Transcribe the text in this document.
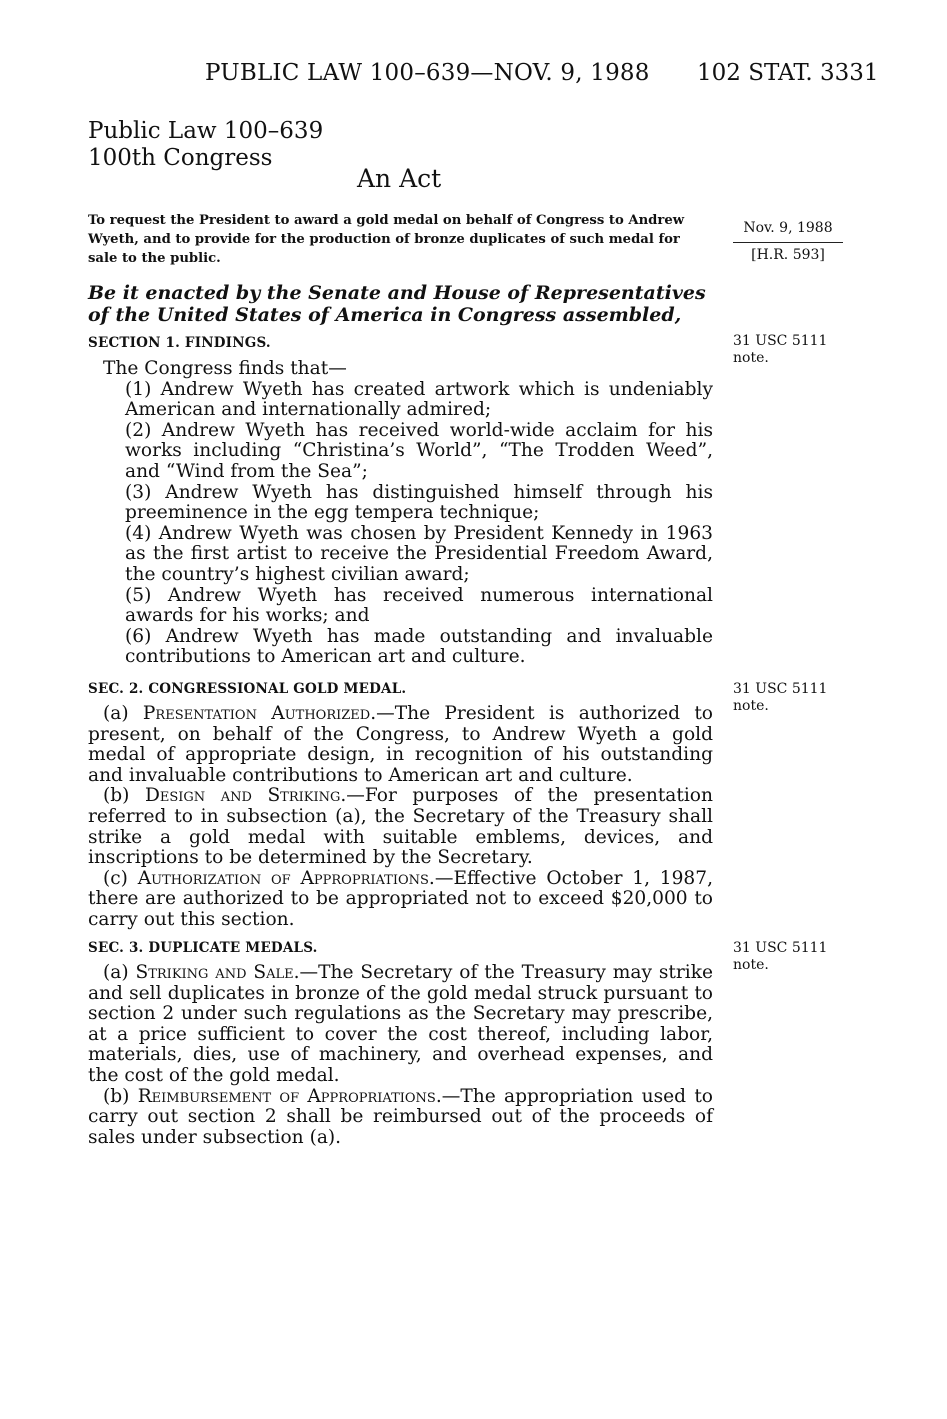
PUBLIC LAW 100–639—NOV. 9, 1988 102 STAT. 3331
Public Law 100–639
100th Congress
An Act
To request the President to award a gold medal on behalf of Congress to Andrew Wyeth, and to provide for the production of bronze duplicates of such medal for sale to the public.
Nov. 9, 1988
[H.R. 593]
Be it enacted by the Senate and House of Representatives of the United States of America in Congress assembled,
SECTION 1. FINDINGS.	31 USC 5111
note.

The Congress finds that—

(1) Andrew Wyeth has created artwork which is undeniably American and internationally admired;

(2) Andrew Wyeth has received world-wide acclaim for his works including “Christina’s World”, “The Trodden Weed”, and “Wind from the Sea”;

(3) Andrew Wyeth has distinguished himself through his preeminence in the egg tempera technique;

(4) Andrew Wyeth was chosen by President Kennedy in 1963 as the first artist to receive the Presidential Freedom Award, the country’s highest civilian award;

(5) Andrew Wyeth has received numerous international awards for his works; and

(6) Andrew Wyeth has made outstanding and invaluable contributions to American art and culture.

SEC. 2. CONGRESSIONAL GOLD MEDAL.	31 USC 5111
note.

(a) Presentation Authorized.—The President is authorized to present, on behalf of the Congress, to Andrew Wyeth a gold medal of appropriate design, in recognition of his outstanding and invaluable contributions to American art and culture.

(b) Design and Striking.—For purposes of the presentation referred to in subsection (a), the Secretary of the Treasury shall strike a gold medal with suitable emblems, devices, and inscriptions to be determined by the Secretary.

(c) Authorization of Appropriations.—Effective October 1, 1987, there are authorized to be appropriated not to exceed $20,000 to carry out this section.

SEC. 3. DUPLICATE MEDALS.	31 USC 5111
note.

(a) Striking and Sale.—The Secretary of the Treasury may strike and sell duplicates in bronze of the gold medal struck pursuant to section 2 under such regulations as the Secretary may prescribe, at a price sufficient to cover the cost thereof, including labor, materials, dies, use of machinery, and overhead expenses, and the cost of the gold medal.

(b) Reimbursement of Appropriations.—The appropriation used to carry out section 2 shall be reimbursed out of the proceeds of sales under subsection (a).
